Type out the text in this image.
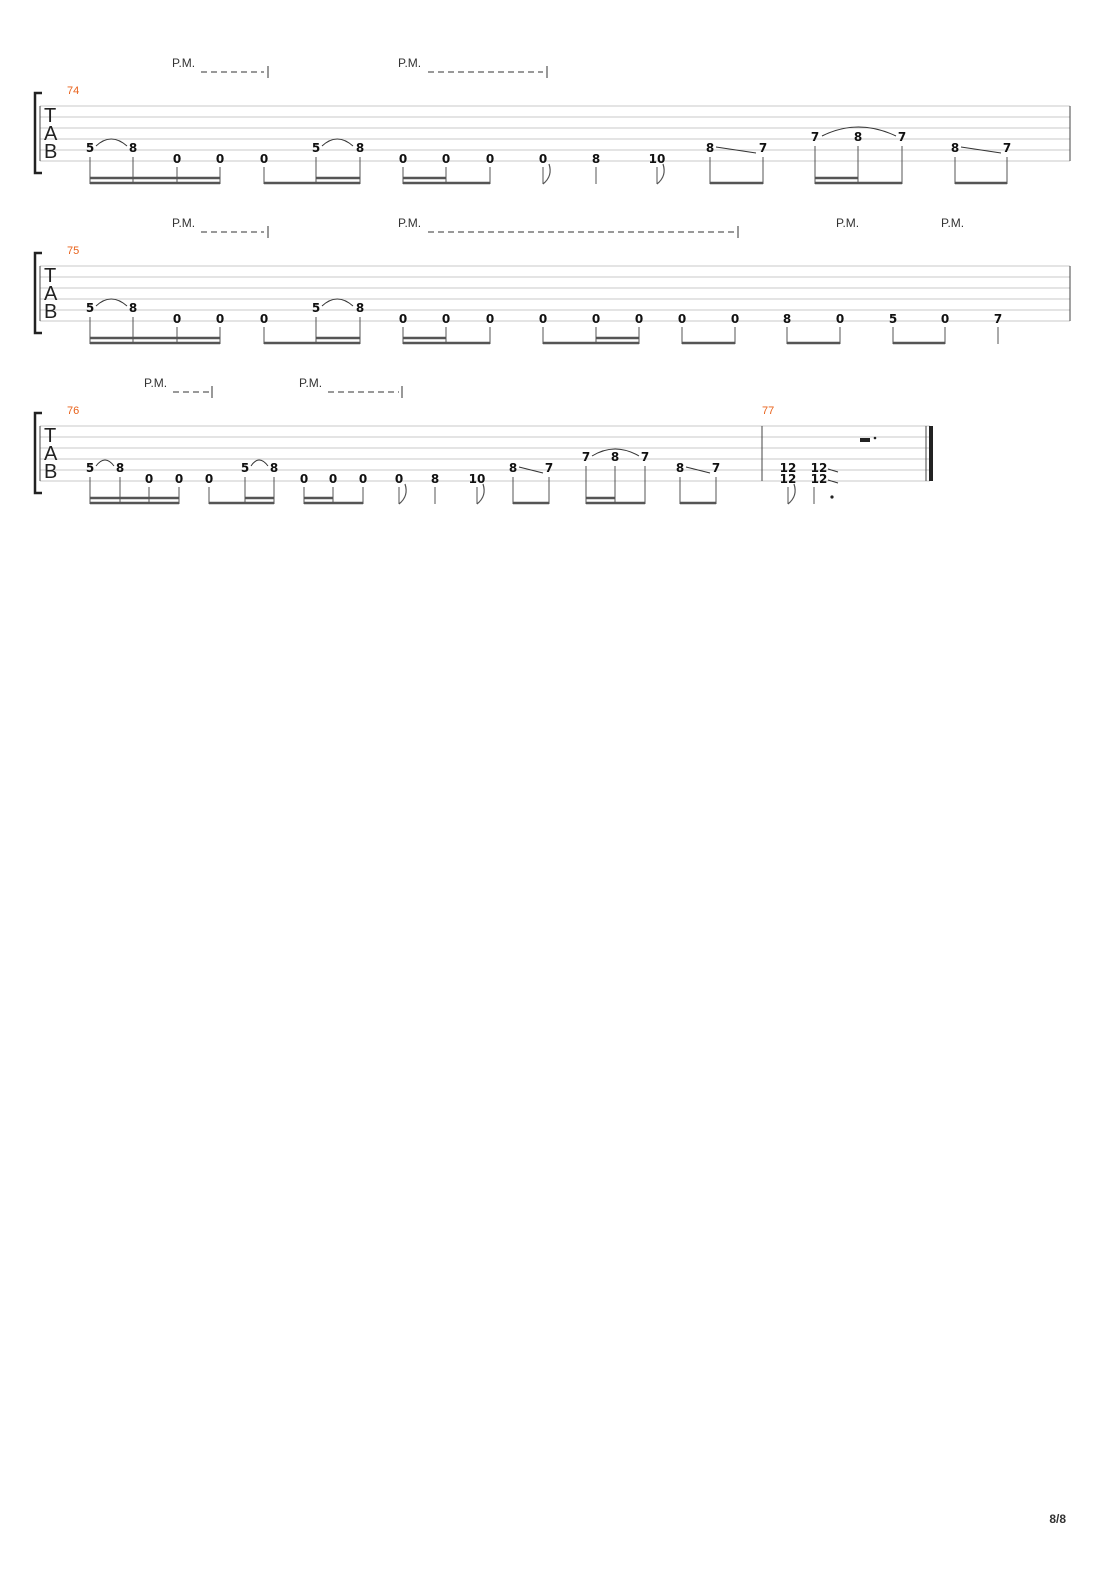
P.M.	P.M.
74
T
A
B 5	8
0	0	0
5	8
0	0	0	0	8	10
8	7
7	8	7
8	7
P.M.	P.M.	P.M.	P.M.
75
T
A
B 5	8
0	0	0
5	8
0	0	0	0	0	0	0	0	8	0	5	0	7
P.M.	P.M.
76	77
T
A
B 5 8
0 0 0
5 8
0 0 0 0 8 10
8 7
7 8 7
8 7	12
12
12
12
8/8
